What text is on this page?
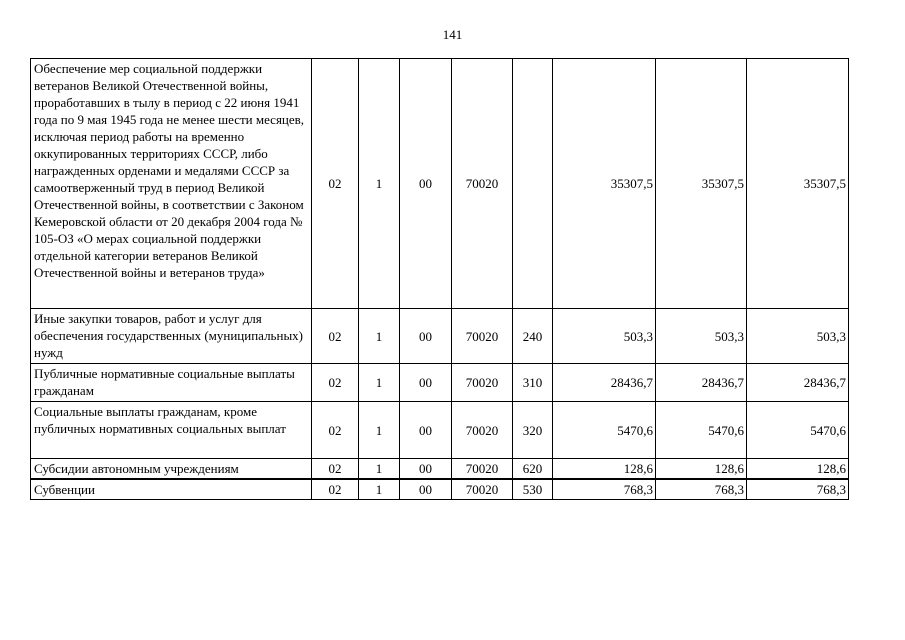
141
Обеспечение мер социальной поддержки ветеранов Великой Отечественной войны, проработавших в тылу в период с 22 июня 1941 года по 9 мая 1945 года не менее шести месяцев, исключая период работы на временно оккупированных территориях СССР, либо награжденных орденами и медалями СССР за самоотверженный труд в период Великой Отечественной войны, в соответствии с Законом Кемеровской области от 20 декабря 2004 года № 105-ОЗ «О мерах социальной поддержки отдельной категории ветеранов Великой Отечественной войны и ветеранов труда»	02	1	00	70020		35307,5	35307,5	35307,5
Иные закупки товаров, работ и услуг для обеспечения государственных (муниципальных) нужд	02	1	00	70020	240	503,3	503,3	503,3
Публичные нормативные социальные выплаты гражданам	02	1	00	70020	310	28436,7	28436,7	28436,7
Социальные выплаты гражданам, кроме публичных нормативных социальных выплат	02	1	00	70020	320	5470,6	5470,6	5470,6
Субсидии автономным учреждениям	02	1	00	70020	620	128,6	128,6	128,6
Субвенции	02	1	00	70020	530	768,3	768,3	768,3
